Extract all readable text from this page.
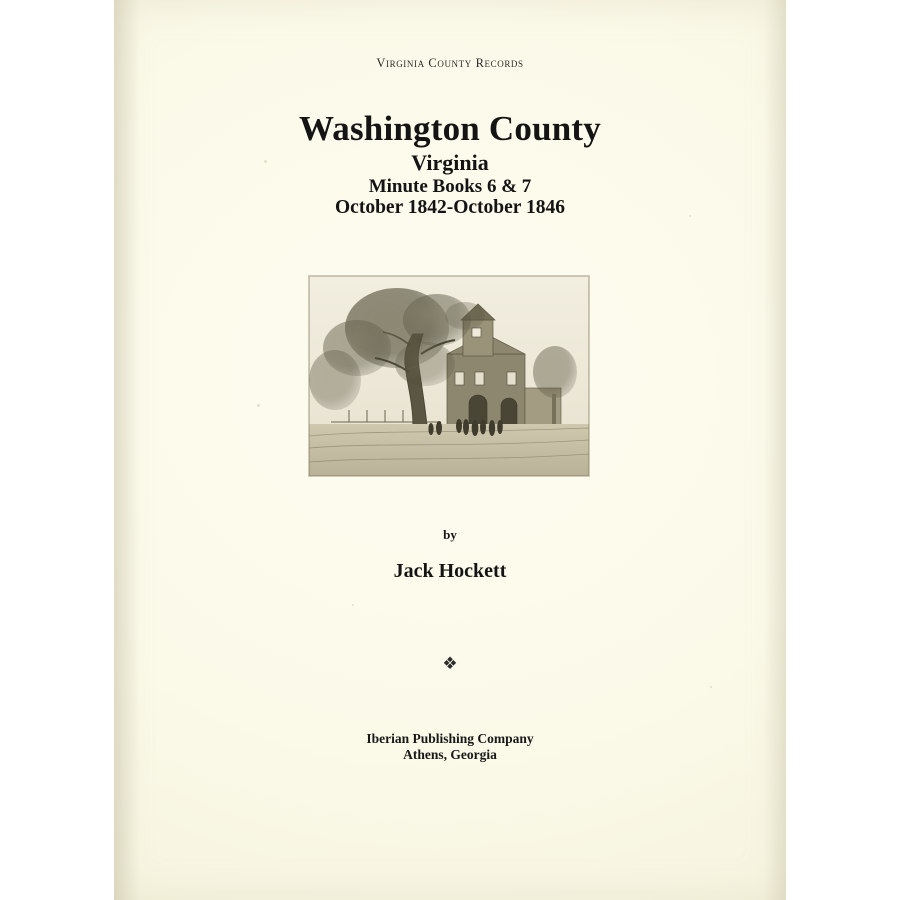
Virginia County Records
Washington County
Virginia
Minute Books 6 & 7
October 1842-October 1846
by
Jack Hockett
❖
Iberian Publishing Company
Athens, Georgia
